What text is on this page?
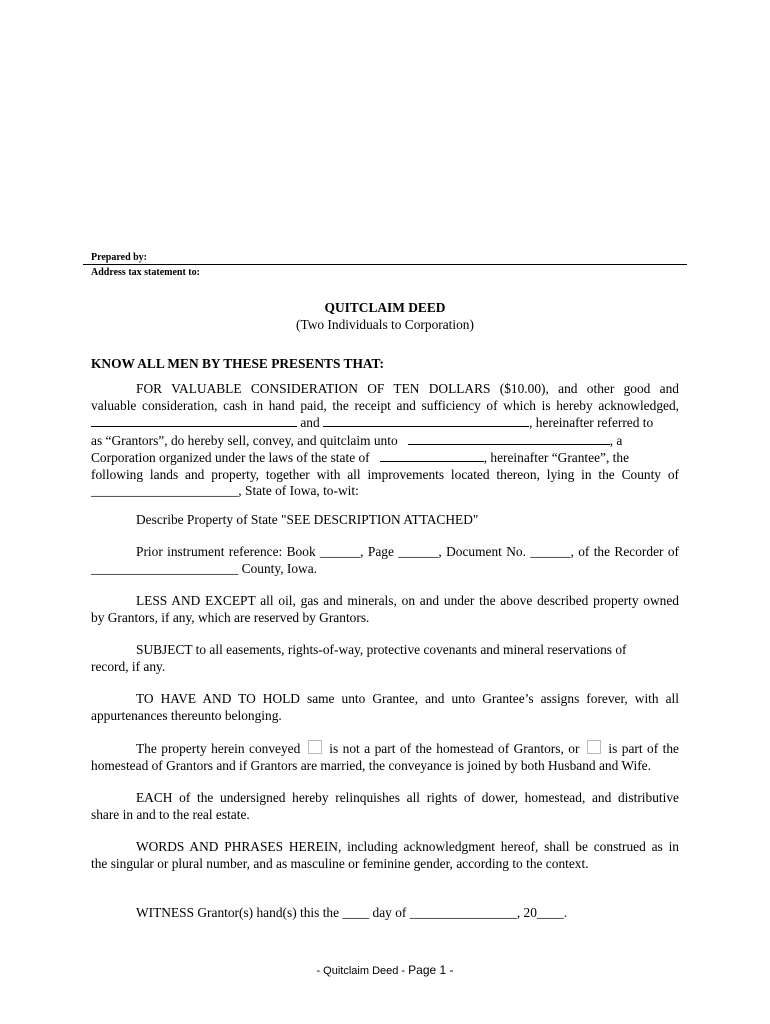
Prepared by:
Address tax statement to:
QUITCLAIM DEED
(Two Individuals to Corporation)
KNOW ALL MEN BY THESE PRESENTS THAT:
FOR VALUABLE CONSIDERATION OF TEN DOLLARS ($10.00), and other good and
valuable consideration, cash in hand paid, the receipt and sufficiency of which is hereby acknowledged,
and	, hereinafter referred to
as “Grantors”, do hereby sell, convey, and quitclaim unto	, a
Corporation organized under the laws of the state of	, hereinafter “Grantee”, the
following lands and property, together with all improvements located thereon, lying in the County of
______________________, State of Iowa, to-wit:
Describe Property of State "SEE DESCRIPTION ATTACHED"
Prior instrument reference: Book ______, Page ______, Document No. ______, of the Recorder of
______________________ County, Iowa.
LESS AND EXCEPT all oil, gas and minerals, on and under the above described property owned
by Grantors, if any, which are reserved by Grantors.
SUBJECT to all easements, rights-of-way, protective covenants and mineral reservations of
record, if any.
TO HAVE AND TO HOLD same unto Grantee, and unto Grantee’s assigns forever, with all
appurtenances thereunto belonging.
The property herein conveyed is not a part of the homestead of Grantors, or is part of the
homestead of Grantors and if Grantors are married, the conveyance is joined by both Husband and Wife.
EACH of the undersigned hereby relinquishes all rights of dower, homestead, and distributive
share in and to the real estate.
WORDS AND PHRASES HEREIN, including acknowledgment hereof, shall be construed as in
the singular or plural number, and as masculine or feminine gender, according to the context.
WITNESS Grantor(s) hand(s) this the ____ day of ________________, 20____.
- Quitclaim Deed - Page 1 -
